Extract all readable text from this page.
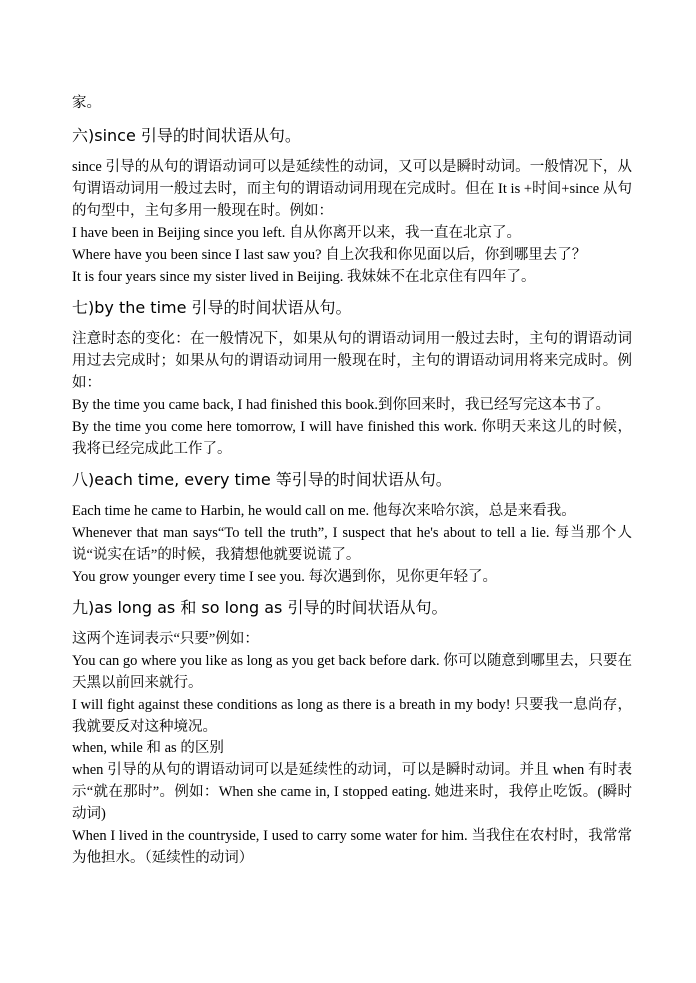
家。

六)since 引导的时间状语从句。

since 引导的从句的谓语动词可以是延续性的动词，又可以是瞬时动词。一般情况下，从句谓语动词用一般过去时，而主句的谓语动词用现在完成时。但在 It is +时间+since 从句的句型中，主句多用一般现在时。例如：

I have been in Beijing since you left. 自从你离开以来，我一直在北京了。

Where have you been since I last saw you? 自上次我和你见面以后，你到哪里去了？

It is four years since my sister lived in Beijing. 我妹妹不在北京住有四年了。

七)by the time 引导的时间状语从句。

注意时态的变化：在一般情况下，如果从句的谓语动词用一般过去时，主句的谓语动词用过去完成时；如果从句的谓语动词用一般现在时，主句的谓语动词用将来完成时。例如：

By the time you came back, I had finished this book.到你回来时，我已经写完这本书了。

By the time you come here tomorrow, I will have finished this work. 你明天来这儿的时候，我将已经完成此工作了。

八)each time, every time 等引导的时间状语从句。

Each time he came to Harbin, he would call on me. 他每次来哈尔滨，总是来看我。

Whenever that man says“To tell the truth”, I suspect that he's about to tell a lie. 每当那个人说“说实在话”的时候，我猜想他就要说谎了。

You grow younger every time I see you. 每次遇到你，见你更年轻了。

九)as long as 和 so long as 引导的时间状语从句。

这两个连词表示“只要”例如：

You can go where you like as long as you get back before dark. 你可以随意到哪里去，只要在天黑以前回来就行。

I will fight against these conditions as long as there is a breath in my body! 只要我一息尚存，我就要反对这种境况。

when, while 和 as 的区别

when 引导的从句的谓语动词可以是延续性的动词，可以是瞬时动词。并且 when 有时表示“就在那时”。例如：When she came in, I stopped eating. 她进来时，我停止吃饭。(瞬时动词)

When I lived in the countryside, I used to carry some water for him. 当我住在农村时，我常常为他担水。（延续性的动词）
